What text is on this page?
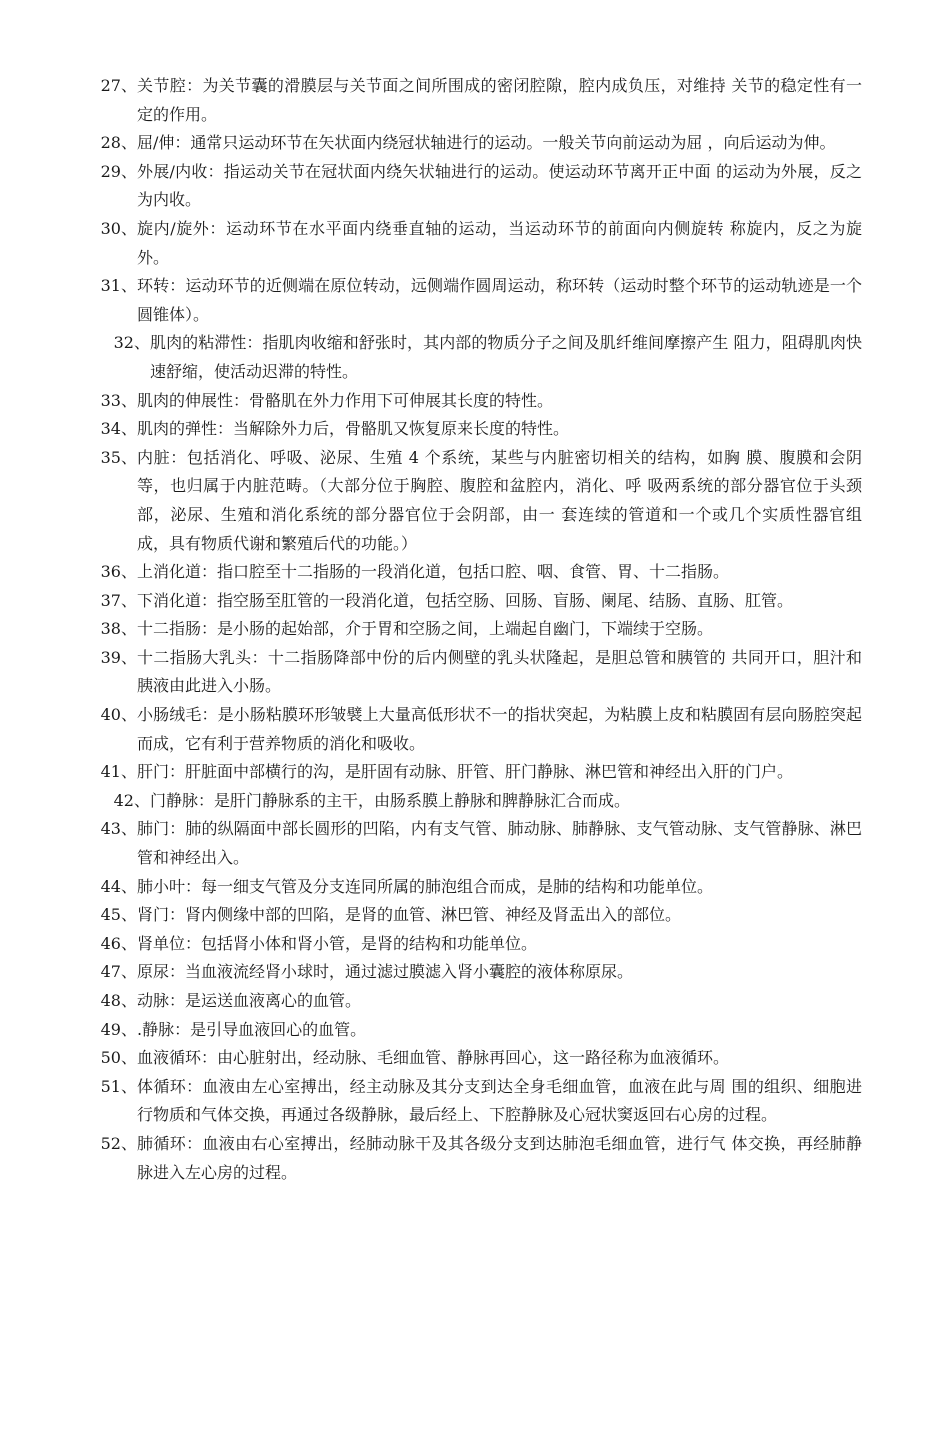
27、 关节腔：为关节囊的滑膜层与关节面之间所围成的密闭腔隙，腔内成负压，对维持 关节的稳定性有一定的作用。
28、 屈/伸：通常只运动环节在矢状面内绕冠状轴进行的运动。一般关节向前运动为屈 ，向后运动为伸。
29、 外展/内收：指运动关节在冠状面内绕矢状轴进行的运动。使运动环节离开正中面 的运动为外展，反之为内收。
30、 旋内/旋外：运动环节在水平面内绕垂直轴的运动，当运动环节的前面向内侧旋转 称旋内，反之为旋外。
31、 环转：运动环节的近侧端在原位转动，远侧端作圆周运动，称环转（运动时整个环节的运动轨迹是一个圆锥体）。
32、 肌肉的粘滞性：指肌肉收缩和舒张时，其内部的物质分子之间及肌纤维间摩擦产生 阻力，阻碍肌肉快速舒缩，使活动迟滞的特性。
33、 肌肉的伸展性：骨骼肌在外力作用下可伸展其长度的特性。
34、 肌肉的弹性：当解除外力后，骨骼肌又恢复原来长度的特性。
35、 内脏：包括消化、呼吸、泌尿、生殖 4 个系统，某些与内脏密切相关的结构，如胸 膜、腹膜和会阴等，也归属于内脏范畴。（大部分位于胸腔、腹腔和盆腔内，消化、呼 吸两系统的部分器官位于头颈部，泌尿、生殖和消化系统的部分器官位于会阴部，由一 套连续的管道和一个或几个实质性器官组成，具有物质代谢和繁殖后代的功能。）
36、 上消化道：指口腔至十二指肠的一段消化道，包括口腔、咽、食管、胃、十二指肠。
37、 下消化道：指空肠至肛管的一段消化道，包括空肠、回肠、盲肠、阑尾、结肠、直肠、肛管。
38、 十二指肠：是小肠的起始部，介于胃和空肠之间，上端起自幽门，下端续于空肠。
39、 十二指肠大乳头：十二指肠降部中份的后内侧壁的乳头状隆起，是胆总管和胰管的 共同开口，胆汁和胰液由此进入小肠。
40、 小肠绒毛：是小肠粘膜环形皱襞上大量高低形状不一的指状突起，为粘膜上皮和粘膜固有层向肠腔突起而成，它有利于营养物质的消化和吸收。
41、 肝门：肝脏面中部横行的沟，是肝固有动脉、肝管、肝门静脉、淋巴管和神经出入肝的门户。
42、 门静脉：是肝门静脉系的主干，由肠系膜上静脉和脾静脉汇合而成。
43、 肺门：肺的纵隔面中部长圆形的凹陷，内有支气管、肺动脉、肺静脉、支气管动脉、支气管静脉、淋巴管和神经出入。
44、 肺小叶：每一细支气管及分支连同所属的肺泡组合而成，是肺的结构和功能单位。
45、 肾门：肾内侧缘中部的凹陷，是肾的血管、淋巴管、神经及肾盂出入的部位。
46、 肾单位：包括肾小体和肾小管，是肾的结构和功能单位。
47、 原尿：当血液流经肾小球时，通过滤过膜滤入肾小囊腔的液体称原尿。
48、 动脉：是运送血液离心的血管。
49、 .静脉：是引导血液回心的血管。
50、 血液循环：由心脏射出，经动脉、毛细血管、静脉再回心，这一路径称为血液循环。
51、 体循环：血液由左心室搏出，经主动脉及其分支到达全身毛细血管，血液在此与周 围的组织、细胞进行物质和气体交换，再通过各级静脉，最后经上、下腔静脉及心冠状窦返回右心房的过程。
52、 肺循环：血液由右心室搏出，经肺动脉干及其各级分支到达肺泡毛细血管，进行气 体交换，再经肺静脉进入左心房的过程。
